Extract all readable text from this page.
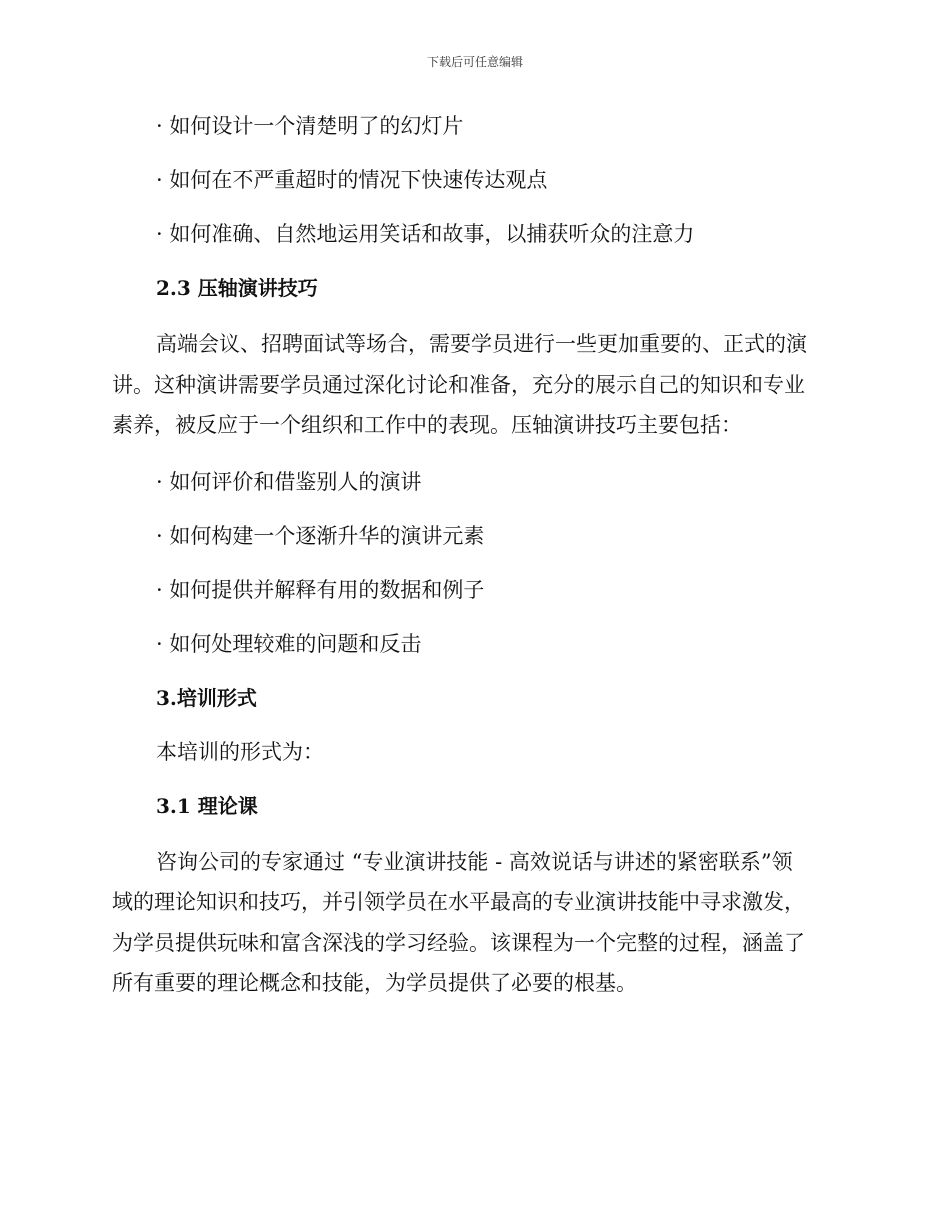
下载后可任意编辑
· 如何设计一个清楚明了的幻灯片
· 如何在不严重超时的情况下快速传达观点
· 如何准确、自然地运用笑话和故事，以捕获听众的注意力
2.3 压轴演讲技巧
高端会议、招聘面试等场合，需要学员进行一些更加重要的、正式的演
讲。这种演讲需要学员通过深化讨论和准备，充分的展示自己的知识和专业
素养，被反应于一个组织和工作中的表现。压轴演讲技巧主要包括：
· 如何评价和借鉴别人的演讲
· 如何构建一个逐渐升华的演讲元素
· 如何提供并解释有用的数据和例子
· 如何处理较难的问题和反击
3.培训形式
本培训的形式为：
3.1 理论课
咨询公司的专家通过 “专业演讲技能 - 高效说话与讲述的紧密联系”领
域的理论知识和技巧，并引领学员在水平最高的专业演讲技能中寻求激发，
为学员提供玩味和富含深浅的学习经验。该课程为一个完整的过程，涵盖了
所有重要的理论概念和技能，为学员提供了必要的根基。
